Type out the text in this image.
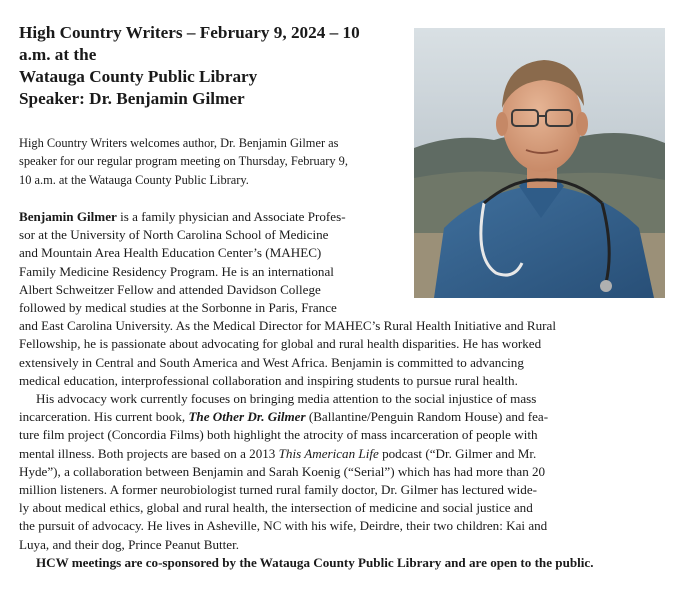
High Country Writers – February 9, 2024 – 10
a.m. at the
Watauga County Public Library
Speaker: Dr. Benjamin Gilmer

High Country Writers welcomes author, Dr. Benjamin Gilmer as
speaker for our regular program meeting on Thursday, February 9,
10 a.m. at the Watauga County Public Library.

Benjamin Gilmer is a family physician and Associate Profes-
sor at the University of North Carolina School of Medicine
and Mountain Area Health Education Center’s (MAHEC)
Family Medicine Residency Program. He is an international
Albert Schweitzer Fellow and attended Davidson College
followed by medical studies at the Sorbonne in Paris, France
and East Carolina University. As the Medical Director for MAHEC’s Rural Health Initiative and Rural
Fellowship, he is passionate about advocating for global and rural health disparities. He has worked
extensively in Central and South America and West Africa. Benjamin is committed to advancing
medical education, interprofessional collaboration and inspiring students to pursue rural health.
His advocacy work currently focuses on bringing media attention to the social injustice of mass
incarceration. His current book, The Other Dr. Gilmer (Ballantine/Penguin Random House) and fea-
ture film project (Concordia Films) both highlight the atrocity of mass incarceration of people with
mental illness. Both projects are based on a 2013 This American Life podcast (“Dr. Gilmer and Mr.
Hyde”), a collaboration between Benjamin and Sarah Koenig (“Serial”) which has had more than 20
million listeners. A former neurobiologist turned rural family doctor, Dr. Gilmer has lectured wide-
ly about medical ethics, global and rural health, the intersection of medicine and social justice and
the pursuit of advocacy. He lives in Asheville, NC with his wife, Deirdre, their two children: Kai and
Luya, and their dog, Prince Peanut Butter.
HCW meetings are co-sponsored by the Watauga County Public Library and are open to the public.
